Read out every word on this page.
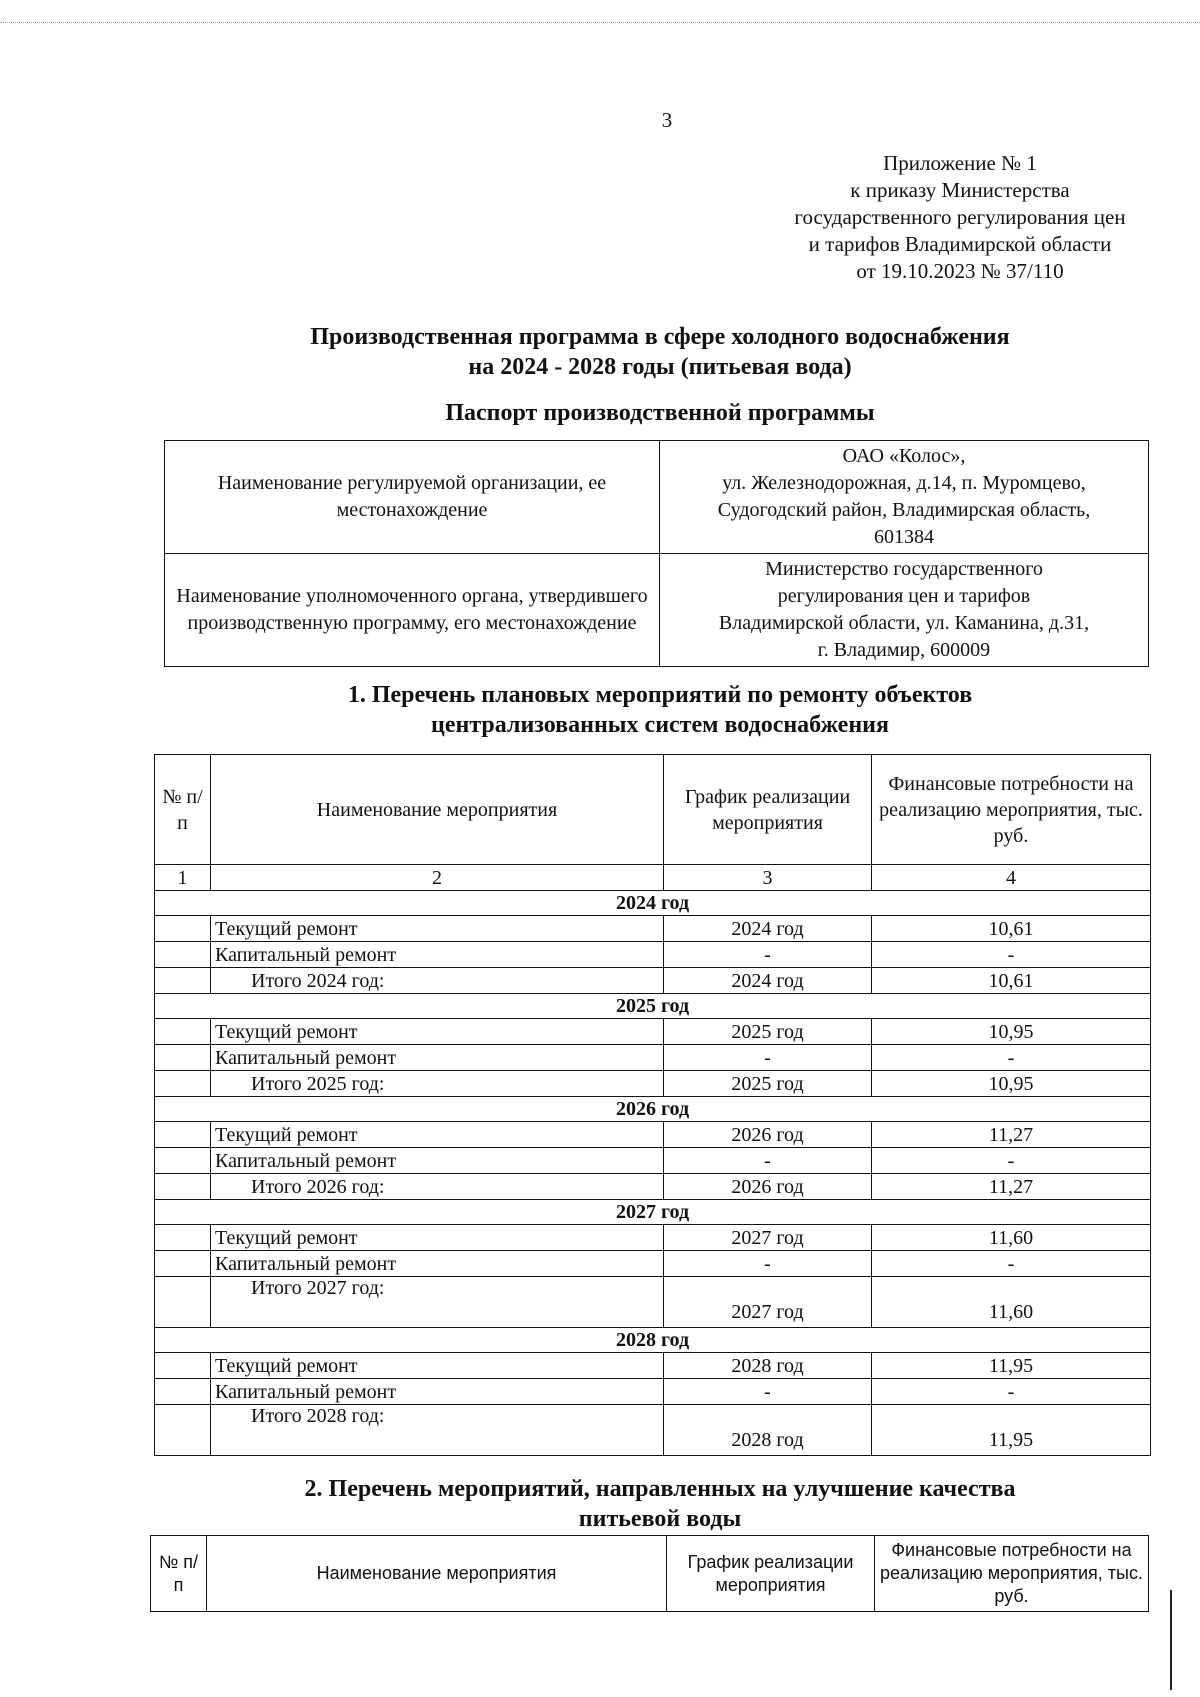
3
Приложение № 1
к приказу Министерства
государственного регулирования цен
и тарифов Владимирской области
от 19.10.2023 № 37/110
Производственная программа в сфере холодного водоснабжения
на 2024 - 2028 годы (питьевая вода)
Паспорт производственной программы
Наименование регулируемой организации, ее местонахождение	ОАО «Колос»,
ул. Железнодорожная, д.14, п. Муромцево,
Судогодский район, Владимирская область,
601384

Наименование уполномоченного органа, утвердившего производственную программу, его местонахождение	Министерство государственного
регулирования цен и тарифов
Владимирской области, ул. Каманина, д.31,
г. Владимир, 600009
1. Перечень плановых мероприятий по ремонту объектов
централизованных систем водоснабжения
№ п/п	Наименование мероприятия	График реализации мероприятия	Финансовые потребности на реализацию мероприятия, тыс. руб.
1	2	3	4
2024 год			
	Текущий ремонт	2024 год	10,61
	Капитальный ремонт	-	-
	Итого 2024 год:	2024 год	10,61
2025 год			
	Текущий ремонт	2025 год	10,95
	Капитальный ремонт	-	-
	Итого 2025 год:	2025 год	10,95
2026 год			
	Текущий ремонт	2026 год	11,27
	Капитальный ремонт	-	-
	Итого 2026 год:	2026 год	11,27
2027 год			
	Текущий ремонт	2027 год	11,60
	Капитальный ремонт	-	-
	Итого 2027 год:	2027 год	11,60
2028 год			
	Текущий ремонт	2028 год	11,95
	Капитальный ремонт	-	-
	Итого 2028 год:	2028 год	11,95
2. Перечень мероприятий, направленных на улучшение качества
питьевой воды
№ п/п	Наименование мероприятия	График реализации мероприятия	Финансовые потребности на реализацию мероприятия, тыс. руб.
